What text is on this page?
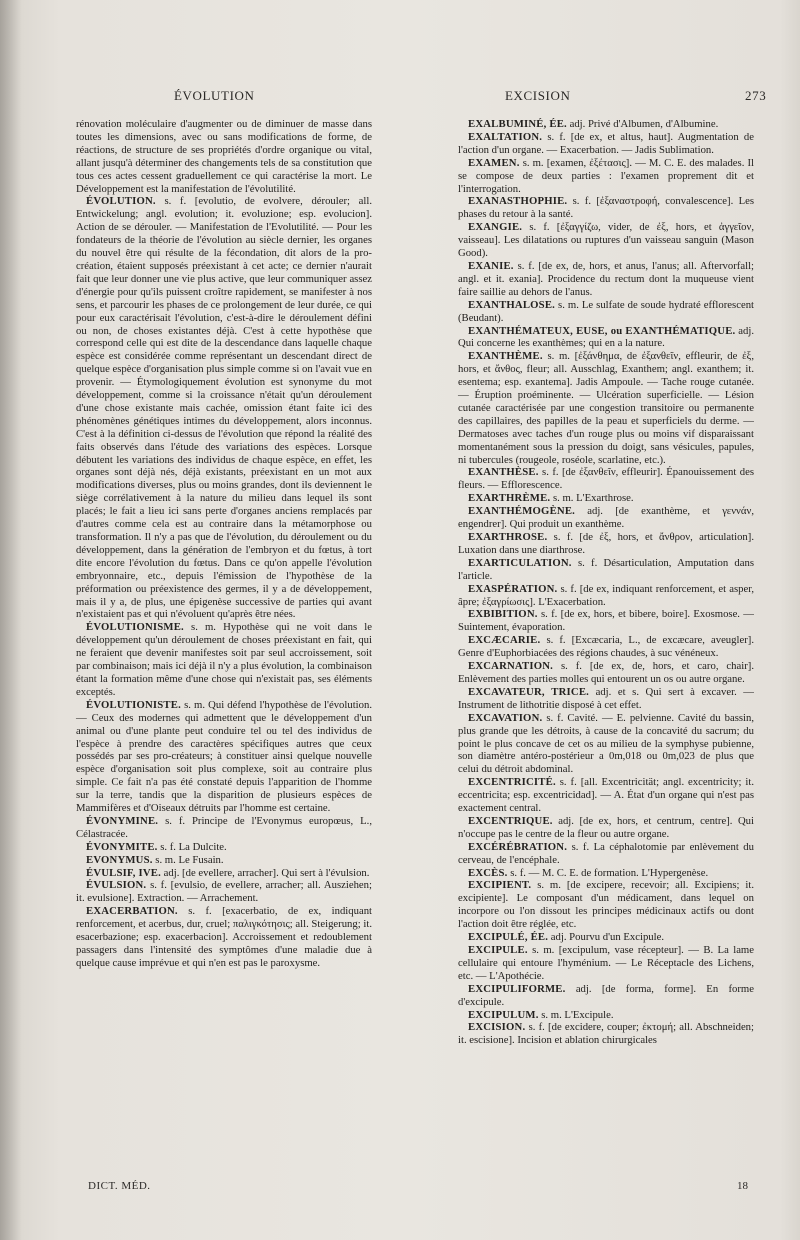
ÉVOLUTION	EXCISION	273

rénovation moléculaire d'augmenter ou de diminuer de masse dans toutes les dimensions, avec ou sans modifications de forme, de réactions, de structure de ses propriétés d'ordre organique ou vital, allant jusqu'à déterminer des changements tels de sa constitution que tous ces actes cessent graduellement ce qui caractérise la mort. Le Développement est la manifestation de l'évolutilité.

ÉVOLUTION. s. f. [evolutio, de evolvere, dérouler; all. Entwickelung; angl. evolution; it. evoluzione; esp. evolucion]. Action de se dérouler. — Manifestation de l'Evolutilité. — Pour les fondateurs de la théorie de l'évolution au siècle dernier, les organes du nouvel être qui résulte de la fécondation, dit alors de la pro-création, étaient supposés préexistant à cet acte; ce dernier n'aurait fait que leur donner une vie plus active, que leur communiquer assez d'énergie pour qu'ils puissent croître rapidement, se manifester à nos sens, et parcourir les phases de ce prolongement de leur durée, ce qui pour eux caractérisait l'évolution, c'est-à-dire le déroulement défini ou non, de choses existantes déjà. C'est à cette hypothèse que correspond celle qui est dite de la descendance dans laquelle chaque espèce est considérée comme représentant un descendant direct de quelque espèce d'organisation plus simple comme si on l'avait vue en provenir. — Étymologiquement évolution est synonyme du mot développement, comme si la croissance n'était qu'un déroulement d'une chose existante mais cachée, omission étant faite ici des phénomènes génétiques intimes du développement, alors inconnus. C'est à la définition ci-dessus de l'évolution que répond la réalité des faits observés dans l'étude des variations des espèces. Lorsque débutent les variations des individus de chaque espèce, en effet, les organes sont déjà nés, déjà existants, préexistant en un mot aux modifications diverses, plus ou moins grandes, dont ils deviennent le siège corrélativement à la nature du milieu dans lequel ils sont placés; le fait a lieu ici sans perte d'organes anciens remplacés par d'autres comme cela est au contraire dans la métamorphose ou transformation. Il n'y a pas que de l'évolution, du déroulement ou du développement, dans la génération de l'embryon et du fœtus, à tort dite encore l'évolution du fœtus. Dans ce qu'on appelle l'évolution embryonnaire, etc., depuis l'émission de l'hypothèse de la préformation ou préexistence des germes, il y a de développement, mais il y a, de plus, une épigenèse successive de parties qui avant n'existaient pas et qui n'évoluent qu'après être nées.

ÉVOLUTIONISME. s. m. Hypothèse qui ne voit dans le développement qu'un déroulement de choses préexistant en fait, qui ne feraient que devenir manifestes soit par seul accroissement, soit par combinaison; mais ici déjà il n'y a plus évolution, la combinaison étant la formation même d'une chose qui n'existait pas, ses éléments exceptés.

ÉVOLUTIONISTE. s. m. Qui défend l'hypothèse de l'évolution. — Ceux des modernes qui admettent que le développement d'un animal ou d'une plante peut conduire tel ou tel des individus de l'espèce à prendre des caractères spécifiques autres que ceux possédés par ses pro-créateurs; à constituer ainsi quelque nouvelle espèce d'organisation soit plus complexe, soit au contraire plus simple. Ce fait n'a pas été constaté depuis l'apparition de l'homme sur la terre, tandis que la disparition de plusieurs espèces de Mammifères et d'Oiseaux détruits par l'homme est certaine.

ÉVONYMINE. s. f. Principe de l'Evonymus europœus, L., Célastracée.

ÉVONYMITE. s. f. La Dulcite.

EVONYMUS. s. m. Le Fusain.

ÉVULSIF, IVE. adj. [de evellere, arracher]. Qui sert à l'évulsion.

ÉVULSION. s. f. [evulsio, de evellere, arracher; all. Ausziehen; it. evulsione]. Extraction. — Arrachement.

EXACERBATION. s. f. [exacerbatio, de ex, indiquant renforcement, et acerbus, dur, cruel; παλιγκότησις; all. Steigerung; it. esacerbazione; esp. exacerbacion]. Accroissement et redoublement passagers dans l'intensité des symptômes d'une maladie due à quelque cause imprévue et qui n'en est pas le paroxysme.

EXALBUMINÉ, ÉE. adj. Privé d'Albumen, d'Albumine.

EXALTATION. s. f. [de ex, et altus, haut]. Augmentation de l'action d'un organe. — Exacerbation. — Jadis Sublimation.

EXAMEN. s. m. [examen, ἐξέτασις]. — M. C. E. des malades. Il se compose de deux parties : l'examen proprement dit et l'interrogation.

EXANASTHOPHIE. s. f. [ἐξαναστροφή, convalescence]. Les phases du retour à la santé.

EXANGIE. s. f. [ἐξαγγίζω, vider, de ἐξ, hors, et ἀγγεῖον, vaisseau]. Les dilatations ou ruptures d'un vaisseau sanguin (Mason Good).

EXANIE. s. f. [de ex, de, hors, et anus, l'anus; all. Aftervorfall; angl. et it. exania]. Procidence du rectum dont la muqueuse vient faire saillie au dehors de l'anus.

EXANTHALOSE. s. m. Le sulfate de soude hydraté efflorescent (Beudant).

EXANTHÉMATEUX, EUSE, ou EXANTHÉMATIQUE. adj. Qui concerne les exanthèmes; qui en a la nature.

EXANTHÈME. s. m. [ἐξάνθημα, de ἐξανθεῖν, effleurir, de ἐξ, hors, et ἄνθος, fleur; all. Ausschlag, Exanthem; angl. exanthem; it. esentema; esp. exantema]. Jadis Ampoule. — Tache rouge cutanée. — Éruption proéminente. — Ulcération superficielle. — Lésion cutanée caractérisée par une congestion transitoire ou permanente des capillaires, des papilles de la peau et superficiels du derme. — Dermatoses avec taches d'un rouge plus ou moins vif disparaissant momentanément sous la pression du doigt, sans vésicules, papules, ni tubercules (rougeole, roséole, scarlatine, etc.).

EXANTHÈSE. s. f. [de ἐξανθεῖν, effleurir]. Épanouissement des fleurs. — Efflorescence.

EXARTHRÈME. s. m. L'Exarthrose.

EXANTHÉMOGÈNE. adj. [de exanthème, et γεννάν, engendrer]. Qui produit un exanthème.

EXARTHROSE. s. f. [de ἐξ, hors, et ἄνθρον, articulation]. Luxation dans une diarthrose.

EXARTICULATION. s. f. Désarticulation, Amputation dans l'article.

EXASPÉRATION. s. f. [de ex, indiquant renforcement, et asper, âpre; ἐξαγρίωσις]. L'Exacerbation.

EXBIBITION. s. f. [de ex, hors, et bibere, boire]. Exosmose. — Suintement, évaporation.

EXCÆCARIE. s. f. [Excæcaria, L., de excæcare, aveugler]. Genre d'Euphorbiacées des régions chaudes, à suc vénéneux.

EXCARNATION. s. f. [de ex, de, hors, et caro, chair]. Enlèvement des parties molles qui entourent un os ou autre organe.

EXCAVATEUR, TRICE. adj. et s. Qui sert à excaver. — Instrument de lithotritie disposé à cet effet.

EXCAVATION. s. f. Cavité. — E. pelvienne. Cavité du bassin, plus grande que les détroits, à cause de la concavité du sacrum; du point le plus concave de cet os au milieu de la symphyse pubienne, son diamètre antéro-postérieur a 0m,018 ou 0m,023 de plus que celui du détroit abdominal.

EXCENTRICITÉ. s. f. [all. Excentricität; angl. excentricity; it. eccentricita; esp. excentricidad]. — A. État d'un organe qui n'est pas exactement central.

EXCENTRIQUE. adj. [de ex, hors, et centrum, centre]. Qui n'occupe pas le centre de la fleur ou autre organe.

EXCÉRÉBRATION. s. f. La céphalotomie par enlèvement du cerveau, de l'encéphale.

EXCÈS. s. f. — M. C. E. de formation. L'Hypergenèse.

EXCIPIENT. s. m. [de excipere, recevoir; all. Excipiens; it. excipiente]. Le composant d'un médicament, dans lequel on incorpore ou l'on dissout les principes médicinaux actifs ou dont l'action doit être réglée, etc.

EXCIPULÉ, ÉE. adj. Pourvu d'un Excipule.

EXCIPULE. s. m. [excipulum, vase récepteur]. — B. La lame cellulaire qui entoure l'hyménium. — Le Réceptacle des Lichens, etc. — L'Apothécie.

EXCIPULIFORME. adj. [de forma, forme]. En forme d'excipule.

EXCIPULUM. s. m. L'Excipule.

EXCISION. s. f. [de excidere, couper; ἐκτομή; all. Abschneiden; it. escisione]. Incision et ablation chirurgicales

DICT. MÉD.	18
